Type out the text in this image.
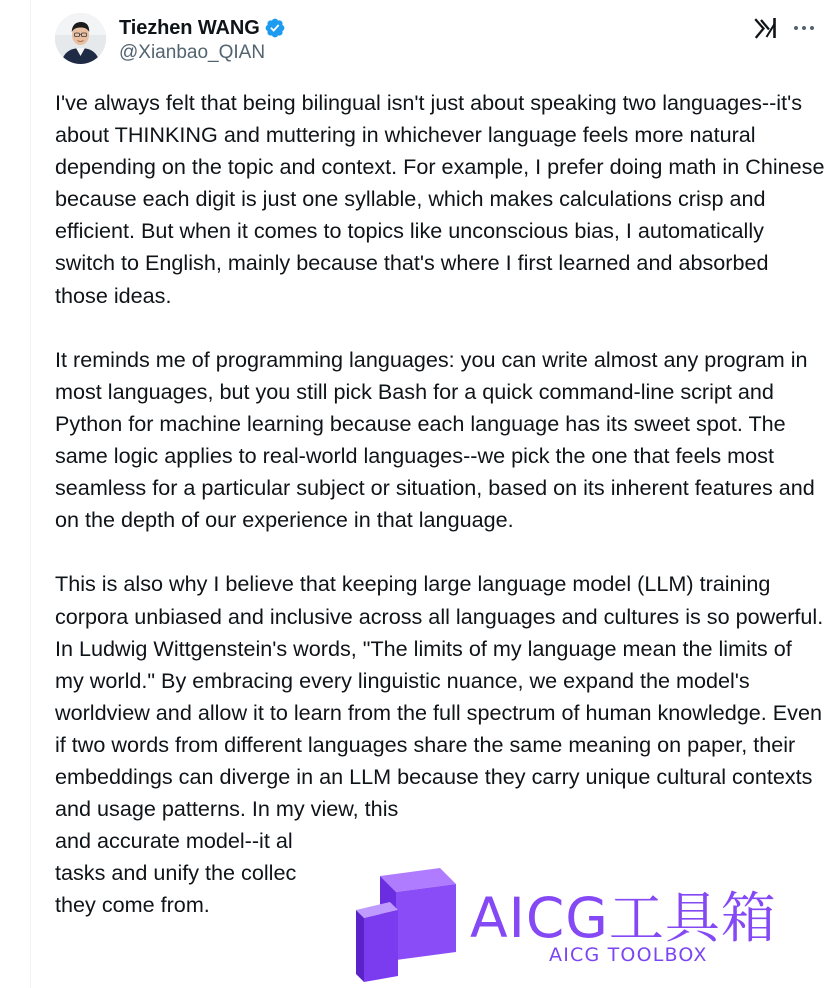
Tiezhen WANG
@Xianbao_QIAN

I've always felt that being bilingual isn't just about speaking two languages--it's about THINKING and muttering in whichever language feels more natural depending on the topic and context. For example, I prefer doing math in Chinese because each digit is just one syllable, which makes calculations crisp and efficient. But when it comes to topics like unconscious bias, I automatically switch to English, mainly because that's where I first learned and absorbed those ideas.

It reminds me of programming languages: you can write almost any program in most languages, but you still pick Bash for a quick command-line script and Python for machine learning because each language has its sweet spot. The same logic applies to real-world languages--we pick the one that feels most seamless for a particular subject or situation, based on its inherent features and on the depth of our experience in that language.

This is also why I believe that keeping large language model (LLM) training corpora unbiased and inclusive across all languages and cultures is so powerful. In Ludwig Wittgenstein's words, "The limits of my language mean the limits of my world." By embracing every linguistic nuance, we expand the model's worldview and allow it to learn from the full spectrum of human knowledge. Even if two words from different languages share the same meaning on paper, their embeddings can diverge in an LLM because they carry unique cultural contexts and usage patterns. In my view, this
and accurate model--it al
tasks and unify the collec
they come from.	AICG工具箱
AICG TOOLBOX
